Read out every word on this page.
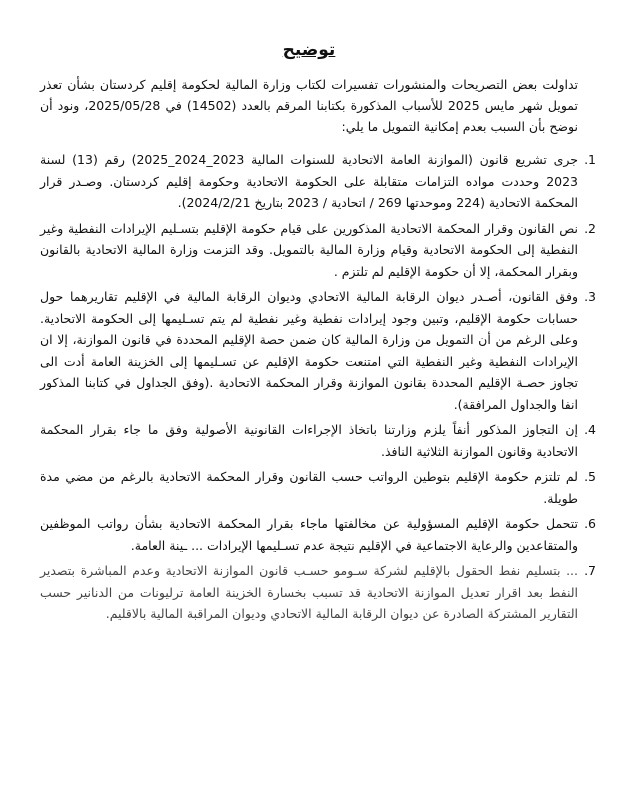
توضيح

تداولت بعض التصريحات والمنشورات تفسيرات لكتاب وزارة المالية لحكومة إقليم كردستان بشأن تعذر تمويل شهر مايس 2025 للأسباب المذكورة بكتابنا المرقم بالعدد (14502) في 2025/05/28، ونود أن نوضح بأن السبب بعدم إمكانية التمويل ما يلي:

1.
جرى تشريع قانون (الموازنة العامة الاتحادية للسنوات المالية 2023_2024_2025) رقم (13) لسنة 2023 وحددت مواده التزامات متقابلة على الحكومة الاتحادية وحكومة إقليم كردستان. وصـدر قرار المحكمة الاتحادية (224 وموحدتها 269 / اتحادية / 2023 بتاريخ 2024/2/21).
2.
نص القانون وقرار المحكمة الاتحادية المذكورين على قيام حكومة الإقليم بتسـليم الإيرادات النفطية وغير النفطية إلى الحكومة الاتحادية وقيام وزارة المالية بالتمويل. وقد التزمت وزارة المالية الاتحادية بالقانون وبقرار المحكمة، إلا أن حكومة الإقليم لم تلتزم .
3.
وفق القانون، أصـدر ديوان الرقابة المالية الاتحادي وديوان الرقابة المالية في الإقليم تقاريرهما حول حسابات حكومة الإقليم، وتبين وجود إيرادات نفطية وغير نفطية لم يتم تسـليمها إلى الحكومة الاتحادية. وعلى الرغم من أن التمويل من وزارة المالية كان ضمن حصة الإقليم المحددة في قانون الموازنة، إلا ان الإيرادات النفطية وغير النفطية التي امتنعت حكومة الإقليم عن تسـليمها إلى الخزينة العامة أدت الى تجاوز حصـة الإقليم المحددة بقانون الموازنة وقرار المحكمة الاتحادية .(وفق الجداول في كتابنا المذكور انفا والجداول المرافقة).
4.
إن التجاوز المذكور أنفاً يلزم وزارتنا باتخاذ الإجراءات القانونية الأصولية وفق ما جاء بقرار المحكمة الاتحادية وقانون الموازنة الثلاثية النافذ.
5.
لم تلتزم حكومة الإقليم بتوطين الرواتب حسب القانون وقرار المحكمة الاتحادية بالرغم من مضي مدة طويلة.
6.
تتحمل حكومة الإقليم المسؤولية عن مخالفتها ماجاء بقرار المحكمة الاتحادية بشأن رواتب الموظفين والمتقاعدين والرعاية الاجتماعية في الإقليم نتيجة عدم تسـليمها الإيرادات ... ـينة العامة.
7.
... بتسليم نفط الحقول بالإقليم لشركة سـومو حسـب قانون الموازنة الاتحادية وعدم المباشرة بتصدير النفط بعد اقرار تعديل الموازنة الاتحادية قد تسبب بخسارة الخزينة العامة ترليونات من الدنانير حسب التقارير المشتركة الصادرة عن ديوان الرقابة المالية الاتحادي وديوان المراقبة المالية بالاقليم.
